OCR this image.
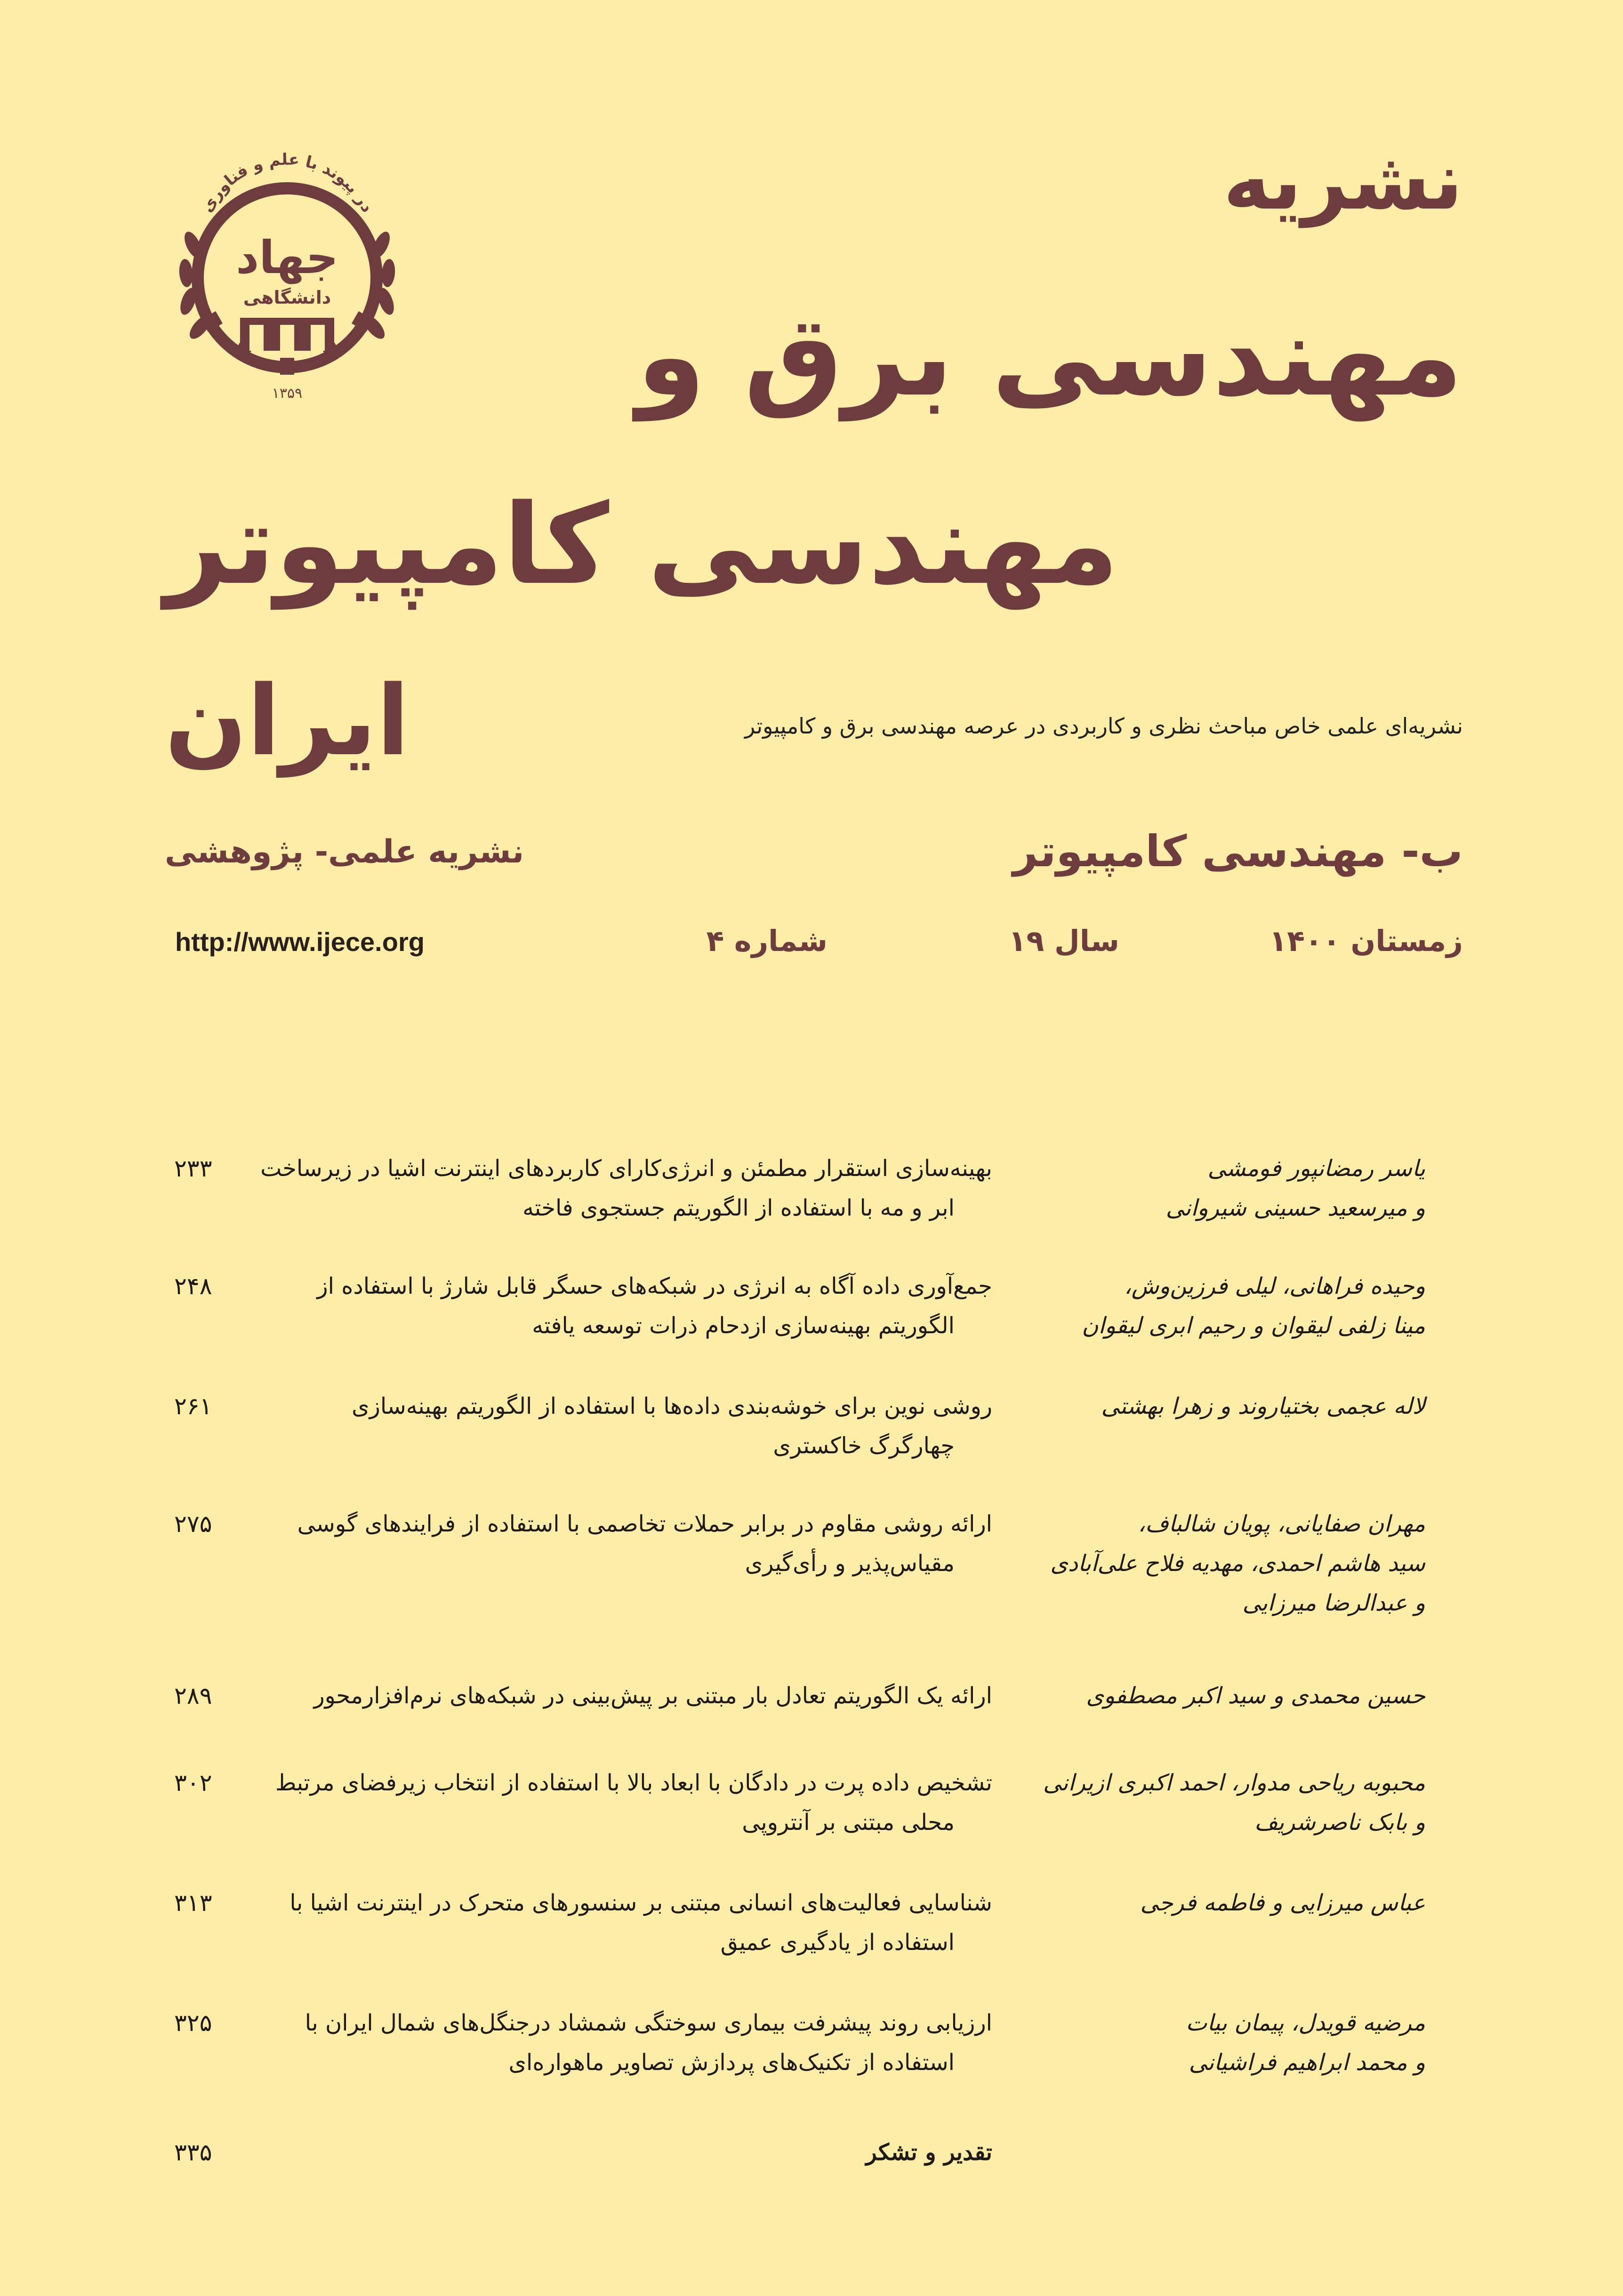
در پیوند با علم و فناوری
جهاد
دانشگاهی
۱۳۵۹
نشریه
مهندسی برق و
مهندسی کامپیوتر
ایران	نشریه‌ای علمی خاص مباحث نظری و کاربردی در عرصه مهندسی برق و کامپیوتر
ب- مهندسی کامپیوتر
نشریه علمی- پژوهشی
زمستان ۱۴۰۰
سال ۱۹
شماره ۴
http://www.ijece.org
یاسر رمضانپور فومشی
و میرسعید حسینی شیروانی
بهینه‌سازی استقرار مطمئن و انرژی‌کارای کاربردهای اینترنت اشیا در زیرساخت
ابر و مه با استفاده از الگوریتم جستجوی فاخته
۲۳۳
وحیده فراهانی، لیلی فرزین‌وش،
مینا زلفی لیقوان و رحیم ابری لیقوان
جمع‌آوری داده آگاه به انرژی در شبکه‌های حسگر قابل شارژ با استفاده از
الگوریتم بهینه‌سازی ازدحام ذرات توسعه یافته
۲۴۸
لاله عجمی بختیاروند و زهرا بهشتی
روشی نوین برای خوشه‌بندی داده‌ها با استفاده از الگوریتم بهینه‌سازی
چهارگرگ خاکستری
۲۶۱
مهران صفایانی، پویان شالباف،
سید هاشم احمدی، مهدیه فلاح علی‌آبادی
و عبدالرضا میرزایی
ارائه روشی مقاوم در برابر حملات تخاصمی با استفاده از فرایندهای گوسی
مقیاس‌پذیر و رأی‌گیری
۲۷۵
حسین محمدی و سید اکبر مصطفوی
ارائه یک الگوریتم تعادل بار مبتنی بر پیش‌بینی در شبکه‌های نرم‌افزارمحور
۲۸۹
محبوبه ریاحی مدوار، احمد اکبری ازیرانی
و بابک ناصرشریف
تشخیص داده پرت در دادگان با ابعاد بالا با استفاده از انتخاب زیرفضای مرتبط
محلی مبتنی بر آنتروپی
۳۰۲
عباس میرزایی و فاطمه فرجی
شناسایی فعالیت‌های انسانی مبتنی بر سنسورهای متحرک در اینترنت اشیا با
استفاده از یادگیری عمیق
۳۱۳
مرضیه قویدل، پیمان بیات
و محمد ابراهیم فراشیانی
ارزیابی روند پیشرفت بیماری سوختگی شمشاد درجنگل‌های شمال ایران با
استفاده از تکنیک‌های پردازش تصاویر ماهواره‌ای
۳۲۵
تقدیر و تشکر
۳۳۵
